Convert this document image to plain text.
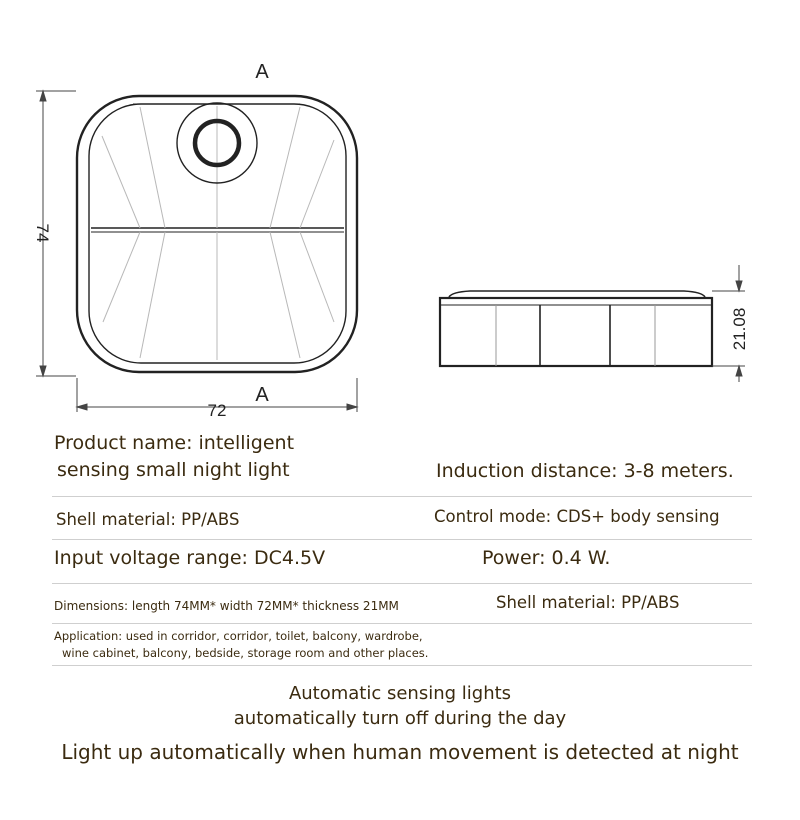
74
72
A
A
21.08
Product name: intelligent
sensing small night light	Induction distance: 3-8 meters.
Shell material: PP/ABS	Control mode: CDS+ body sensing
Input voltage range: DC4.5V	Power: 0.4 W.
Dimensions: length 74MM* width 72MM* thickness 21MM	Shell material: PP/ABS
Application: used in corridor, corridor, toilet, balcony, wardrobe,
wine cabinet, balcony, bedside, storage room and other places.
Automatic sensing lights
automatically turn off during the day
Light up automatically when human movement is detected at night
